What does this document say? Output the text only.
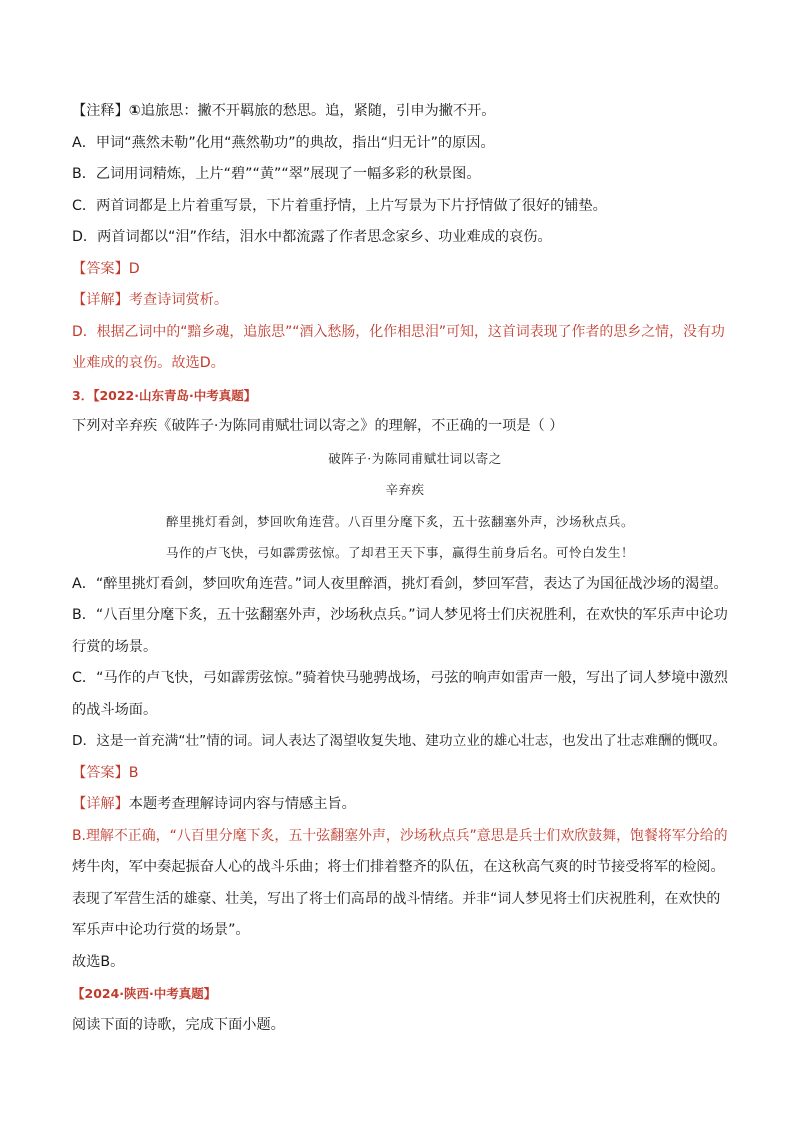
【注释】①追旅思：撇不开羁旅的愁思。追，紧随，引申为撇不开。
A．甲词“燕然未勒”化用“燕然勒功”的典故，指出“归无计”的原因。
B．乙词用词精炼，上片“碧”“黄”“翠”展现了一幅多彩的秋景图。
C．两首词都是上片着重写景，下片着重抒情，上片写景为下片抒情做了很好的铺垫。
D．两首词都以“泪”作结，泪水中都流露了作者思念家乡、功业难成的哀伤。
【答案】D
【详解】考查诗词赏析。
D．根据乙词中的“黯乡魂，追旅思”“酒入愁肠，化作相思泪”可知，这首词表现了作者的思乡之情，没有功
业难成的哀伤。故选D。
3．【2022·山东青岛·中考真题】
下列对辛弃疾《破阵子·为陈同甫赋壮词以寄之》的理解，不正确的一项是（ ）
破阵子·为陈同甫赋壮词以寄之
辛弃疾
醉里挑灯看剑，梦回吹角连营。八百里分麾下炙，五十弦翻塞外声，沙场秋点兵。
马作的卢飞快，弓如霹雳弦惊。了却君王天下事，赢得生前身后名。可怜白发生！
A．“醉里挑灯看剑，梦回吹角连营。”词人夜里醉酒，挑灯看剑，梦回军营，表达了为国征战沙场的渴望。
B．“八百里分麾下炙，五十弦翻塞外声，沙场秋点兵。”词人梦见将士们庆祝胜利，在欢快的军乐声中论功
行赏的场景。
C．“马作的卢飞快，弓如霹雳弦惊。”骑着快马驰骋战场，弓弦的响声如雷声一般，写出了词人梦境中激烈
的战斗场面。
D．这是一首充满“壮”情的词。词人表达了渴望收复失地、建功立业的雄心壮志，也发出了壮志难酬的慨叹。
【答案】B
【详解】本题考查理解诗词内容与情感主旨。
B.理解不正确，“八百里分麾下炙，五十弦翻塞外声，沙场秋点兵”意思是兵士们欢欣鼓舞，饱餐将军分给的
烤牛肉，军中奏起振奋人心的战斗乐曲；将士们排着整齐的队伍，在这秋高气爽的时节接受将军的检阅。
表现了军营生活的雄豪、壮美，写出了将士们高昂的战斗情绪。并非“词人梦见将士们庆祝胜利，在欢快的
军乐声中论功行赏的场景”。
故选B。
【2024·陕西·中考真题】
阅读下面的诗歌，完成下面小题。
